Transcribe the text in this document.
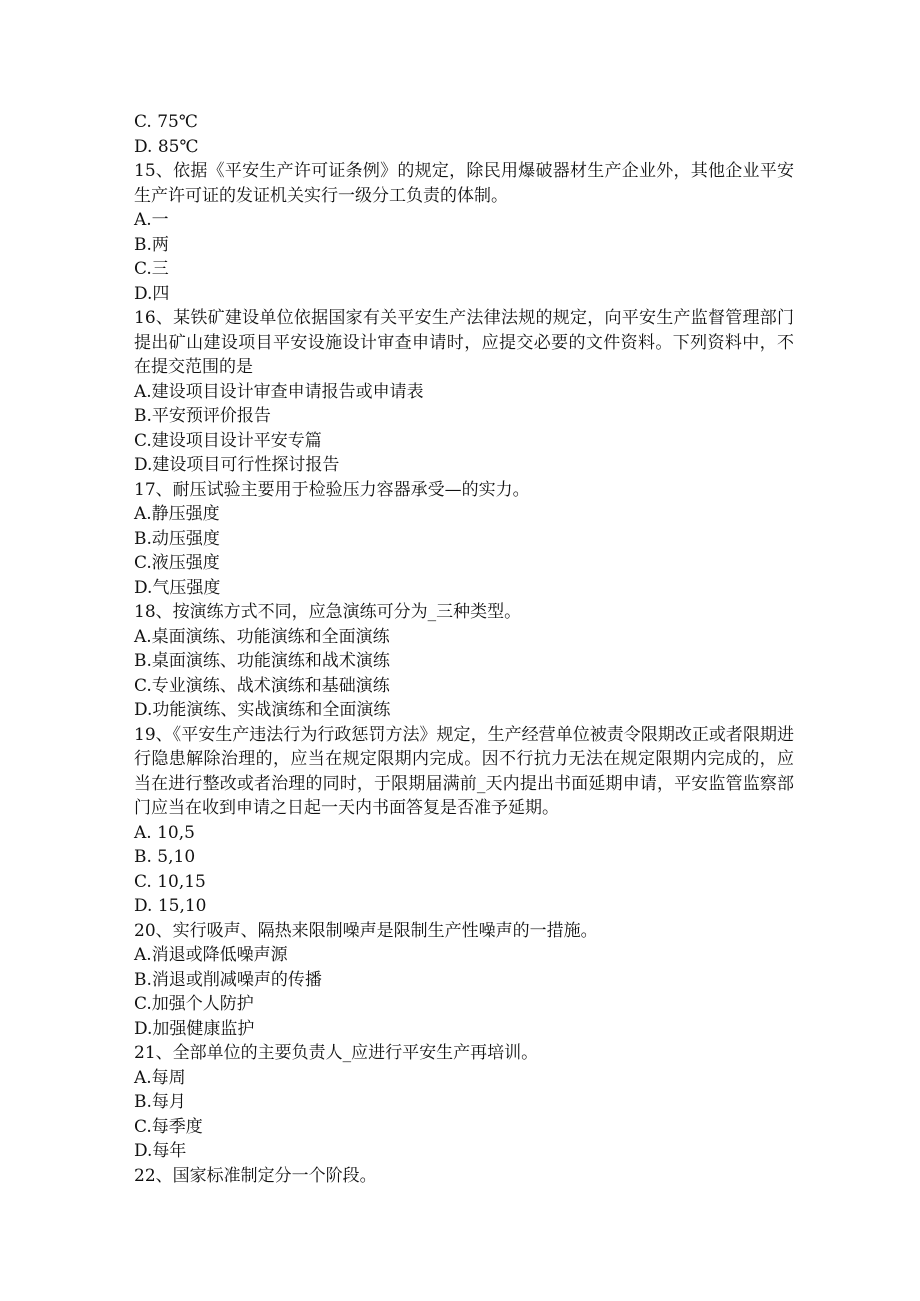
C. 75℃
D. 85℃
15、依据《平安生产许可证条例》的规定，除民用爆破器材生产企业外，其他企业平安生产许可证的发证机关实行一级分工负责的体制。
A.一
B.两
C.三
D.四
16、某铁矿建设单位依据国家有关平安生产法律法规的规定，向平安生产监督管理部门提出矿山建设项目平安设施设计审查申请时，应提交必要的文件资料。下列资料中，不在提交范围的是
A.建设项目设计审查申请报告或申请表
B.平安预评价报告
C.建设项目设计平安专篇
D.建设项目可行性探讨报告
17、耐压试验主要用于检验压力容器承受—的实力。
A.静压强度
B.动压强度
C.液压强度
D.气压强度
18、按演练方式不同，应急演练可分为_三种类型。
A.桌面演练、功能演练和全面演练
B.桌面演练、功能演练和战术演练
C.专业演练、战术演练和基础演练
D.功能演练、实战演练和全面演练
19、《平安生产违法行为行政惩罚方法》规定，生产经营单位被责令限期改正或者限期进行隐患解除治理的，应当在规定限期内完成。因不行抗力无法在规定限期内完成的，应当在进行整改或者治理的同时，于限期届满前_天内提出书面延期申请，平安监管监察部门应当在收到申请之日起一天内书面答复是否准予延期。
A. 10,5
B. 5,10
C. 10,15
D. 15,10
20、实行吸声、隔热来限制噪声是限制生产性噪声的一措施。
A.消退或降低噪声源
B.消退或削减噪声的传播
C.加强个人防护
D.加强健康监护
21、全部单位的主要负责人_应进行平安生产再培训。
A.每周
B.每月
C.每季度
D.每年
22、国家标准制定分一个阶段。
